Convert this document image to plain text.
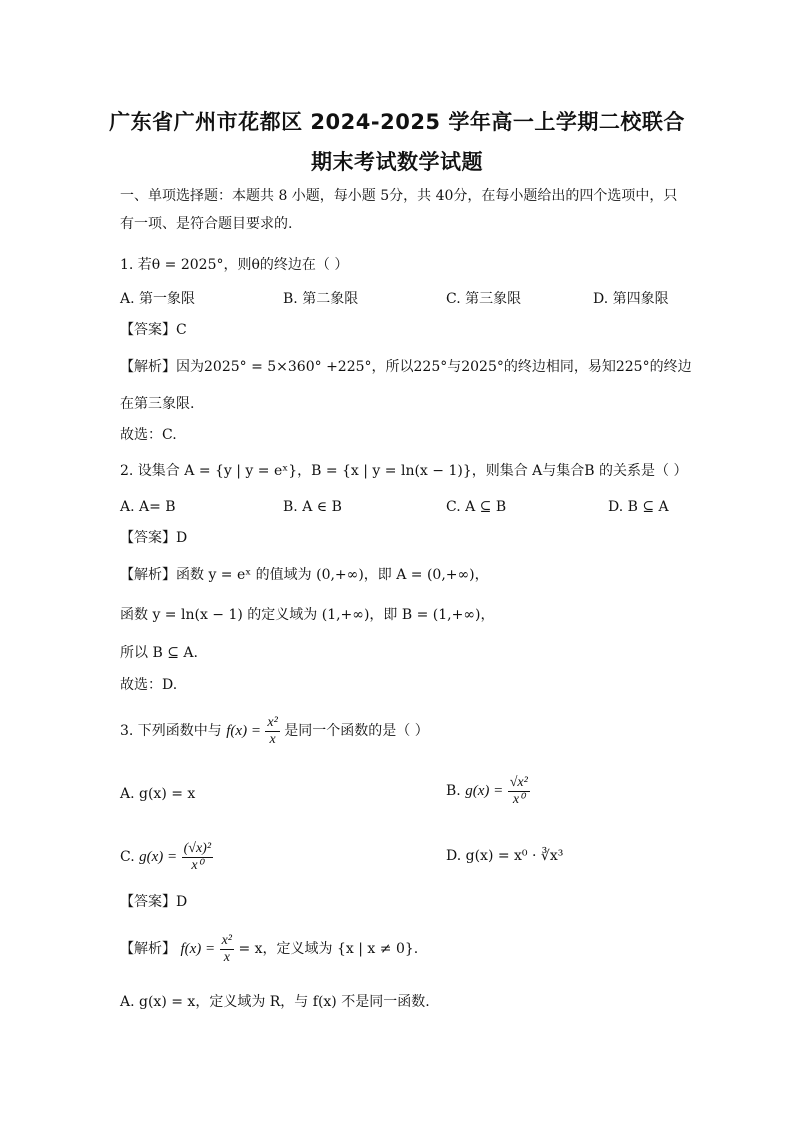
广东省广州市花都区 2024-2025 学年高一上学期二校联合
期末考试数学试题
一、单项选择题：本题共 8 小题，每小题 5分，共 40分，在每小题给出的四个选项中，只
有一项、是符合题目要求的.
1. 若θ = 2025°，则θ的终边在（ ）
A. 第一象限	B. 第二象限	C. 第三象限	D. 第四象限
【答案】C
【解析】因为2025° = 5×360° +225°，所以225°与2025°的终边相同，易知225°的终边
在第三象限.
故选：C.
2. 设集合 A = {y | y = eˣ}，B = {x | y = ln(x − 1)}，则集合 A与集合B 的关系是（ ）
A. A= B	B. A ∈ B	C. A ⊆ B	D. B ⊆ A
【答案】D
【解析】函数 y = eˣ 的值域为 (0,+∞)，即 A = (0,+∞)，
函数 y = ln(x − 1) 的定义域为 (1,+∞)，即 B = (1,+∞)，
所以 B ⊆ A.
故选：D.
3. 下列函数中与 $f(x) = \frac{\text{x²}}{x}$ 是同一个函数的是（ ）
A. g(x) = x	B. $g(x) = \frac{\text{√x²}}{\text{x⁰}}$
C. $g(x) = \frac{\text{(√x)²}}{\text{x⁰}}$	D. g(x) = x⁰ · ∛x³
【答案】D
【解析】 $f(x) = \frac{\text{x²}}{x} = x$，定义域为 {x | x ≠ 0}.
A. g(x) = x，定义域为 R，与 f(x) 不是同一函数.
